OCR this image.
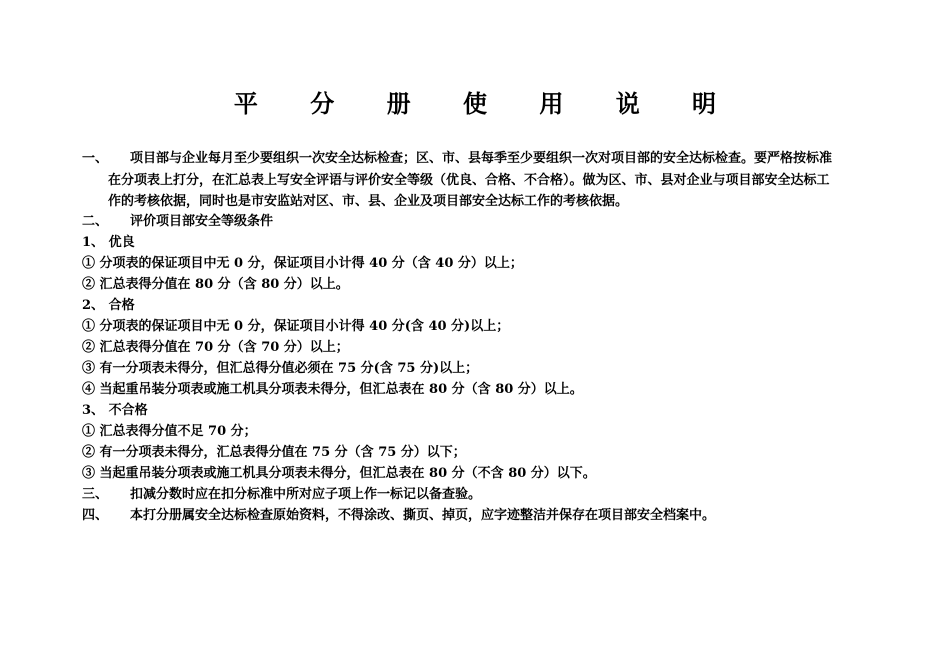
平 分 册 使 用 说 明
一、 项目部与企业每月至少要组织一次安全达标检查；区、市、县每季至少要组织一次对项目部的安全达标检查。要严格按标准
在分项表上打分，在汇总表上写安全评语与评价安全等级（优良、合格、不合格）。做为区、市、县对企业与项目部安全达标工
作的考核依据，同时也是市安监站对区、市、县、企业及项目部安全达标工作的考核依据。
二、 评价项目部安全等级条件
1、 优良
① 分项表的保证项目中无 0 分，保证项目小计得 40 分（含 40 分）以上；
② 汇总表得分值在 80 分（含 80 分）以上。
2、 合格
① 分项表的保证项目中无 0 分，保证项目小计得 40 分(含 40 分)以上；
② 汇总表得分值在 70 分（含 70 分）以上；
③ 有一分项表未得分，但汇总得分值必须在 75 分(含 75 分)以上；
④ 当起重吊装分项表或施工机具分项表未得分，但汇总表在 80 分（含 80 分）以上。
3、 不合格
① 汇总表得分值不足 70 分；
② 有一分项表未得分，汇总表得分值在 75 分（含 75 分）以下；
③ 当起重吊装分项表或施工机具分项表未得分，但汇总表在 80 分（不含 80 分）以下。
三、 扣减分数时应在扣分标准中所对应子项上作一标记以备查验。
四、 本打分册属安全达标检查原始资料，不得涂改、撕页、掉页，应字迹整洁并保存在项目部安全档案中。
